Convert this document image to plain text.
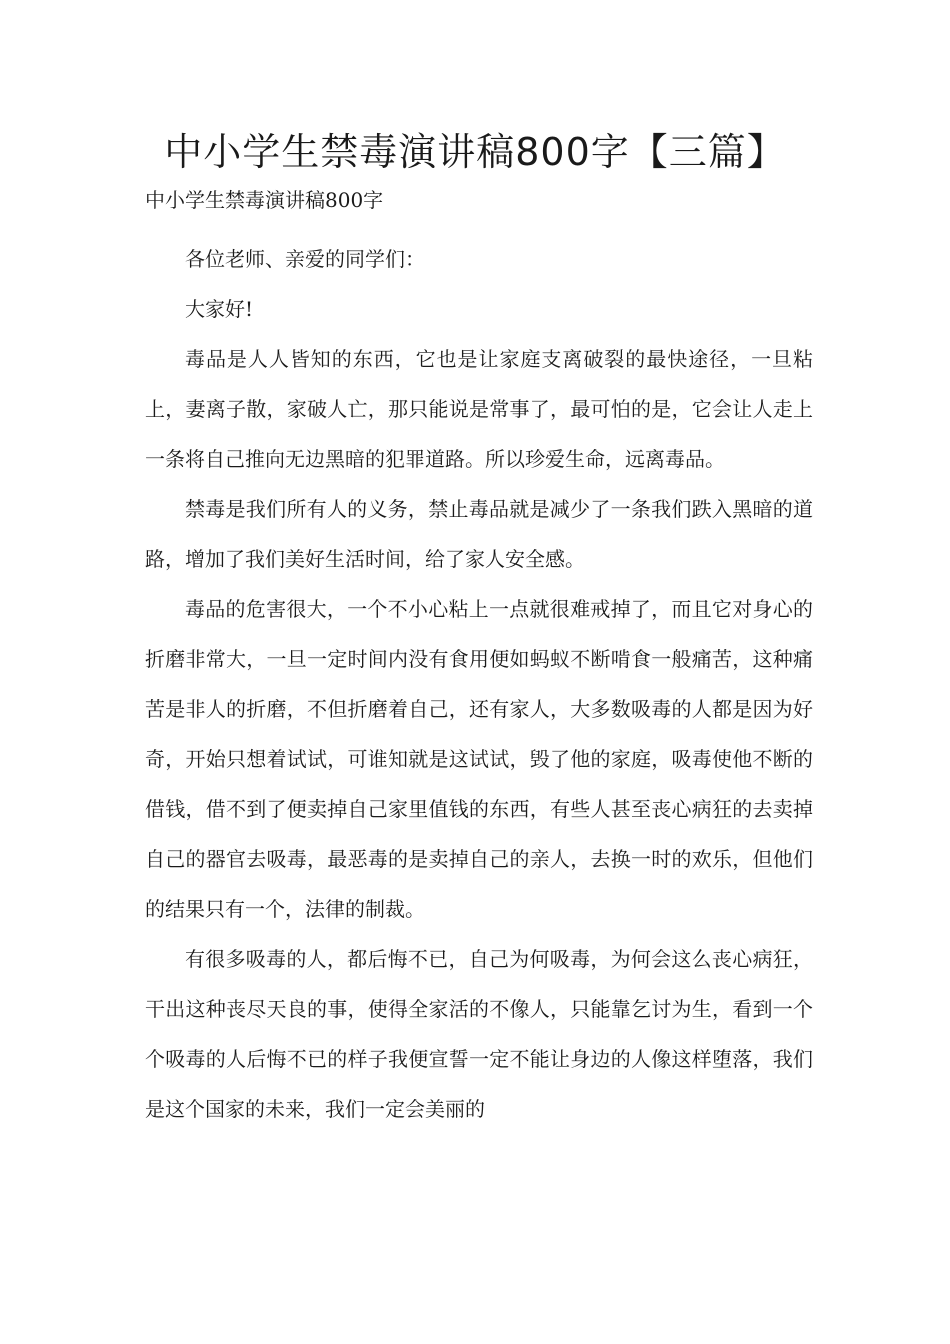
中小学生禁毒演讲稿800字【三篇】

中小学生禁毒演讲稿800字

各位老师、亲爱的同学们：

大家好!

毒品是人人皆知的东西，它也是让家庭支离破裂的最快途径，一旦粘上，妻离子散，家破人亡，那只能说是常事了，最可怕的是，它会让人走上一条将自己推向无边黑暗的犯罪道路。所以珍爱生命，远离毒品。

禁毒是我们所有人的义务，禁止毒品就是减少了一条我们跌入黑暗的道路，增加了我们美好生活时间，给了家人安全感。

毒品的危害很大，一个不小心粘上一点就很难戒掉了，而且它对身心的折磨非常大，一旦一定时间内没有食用便如蚂蚁不断啃食一般痛苦，这种痛苦是非人的折磨，不但折磨着自己，还有家人，大多数吸毒的人都是因为好奇，开始只想着试试，可谁知就是这试试，毁了他的家庭，吸毒使他不断的借钱，借不到了便卖掉自己家里值钱的东西，有些人甚至丧心病狂的去卖掉自己的器官去吸毒，最恶毒的是卖掉自己的亲人，去换一时的欢乐，但他们的结果只有一个，法律的制裁。

有很多吸毒的人，都后悔不已，自己为何吸毒，为何会这么丧心病狂，干出这种丧尽天良的事，使得全家活的不像人，只能靠乞讨为生，看到一个个吸毒的人后悔不已的样子我便宣誓一定不能让身边的人像这样堕落，我们是这个国家的未来，我们一定会美丽的
